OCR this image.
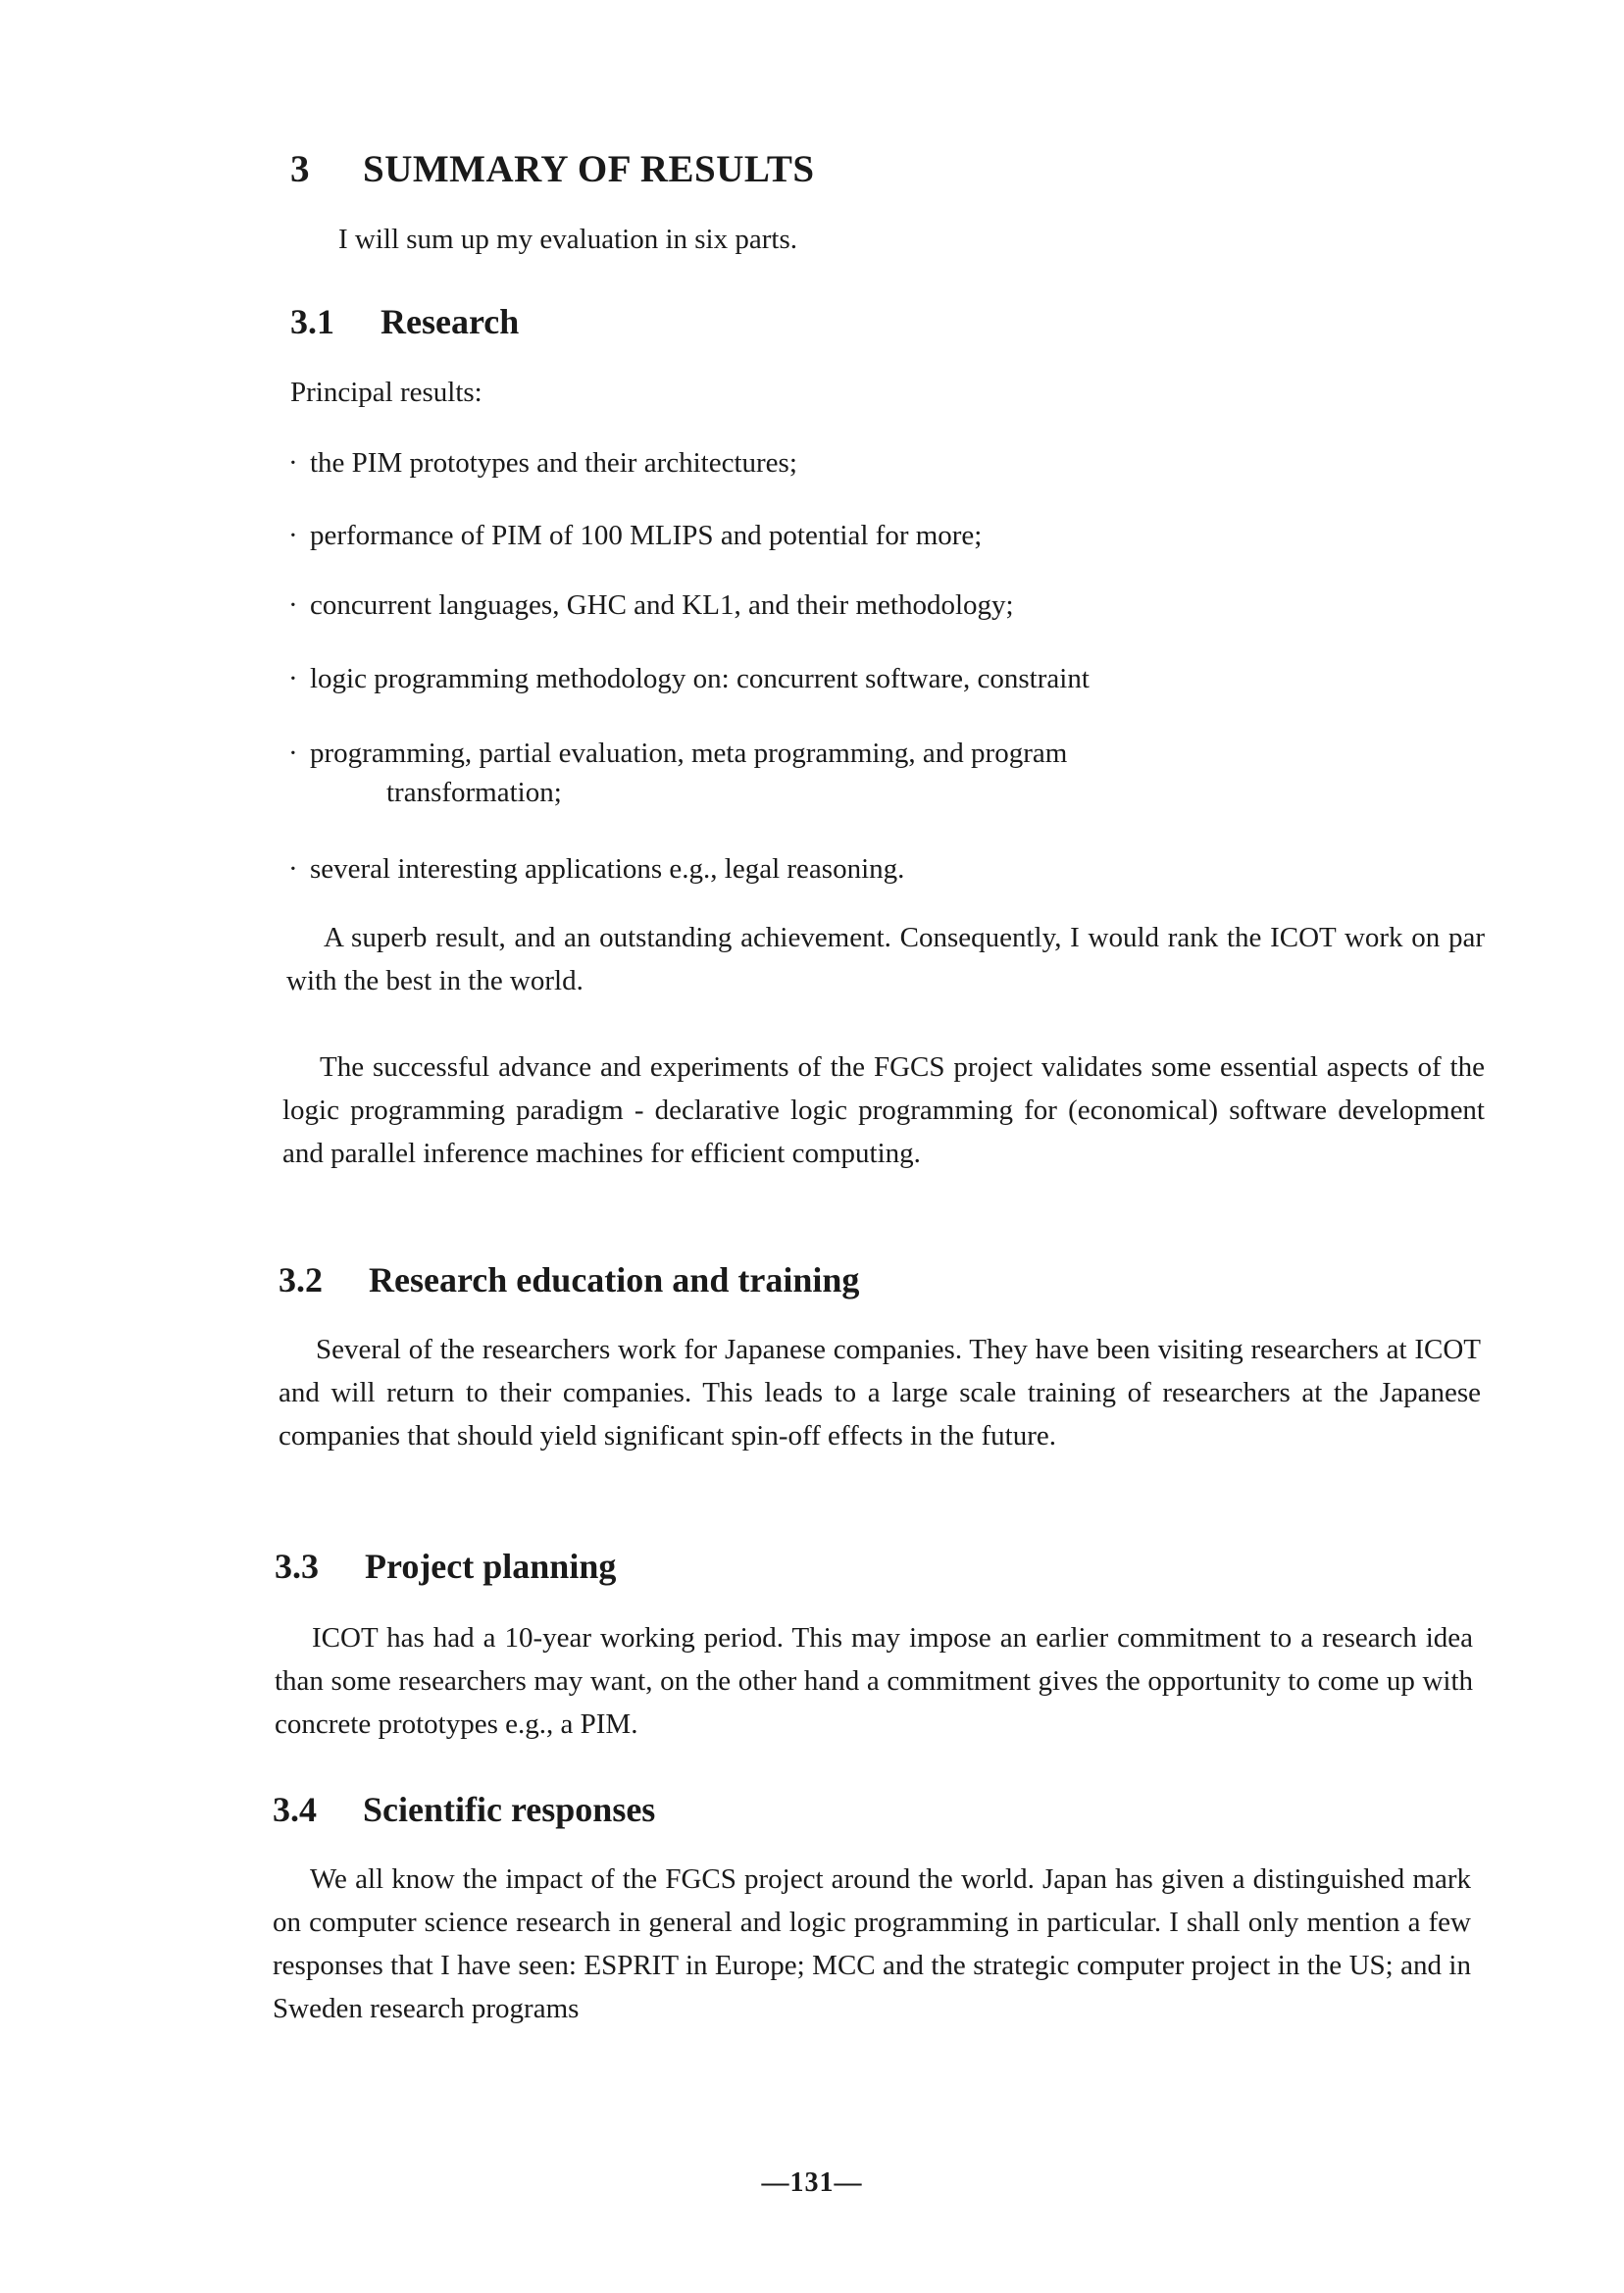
3 SUMMARY OF RESULTS

I will sum up my evaluation in six parts.

3.1 Research

Principal results:

· the PIM prototypes and their architectures;

· performance of PIM of 100 MLIPS and potential for more;

· concurrent languages, GHC and KL1, and their methodology;

· logic programming methodology on: concurrent software, constraint

· programming, partial evaluation, meta programming, and program
transformation;

· several interesting applications e.g., legal reasoning.

A superb result, and an outstanding achievement. Consequently, I would rank the ICOT work on par with the best in the world.

The successful advance and experiments of the FGCS project validates some essential aspects of the logic programming paradigm - declarative logic programming for (economical) software development and parallel inference machines for efficient computing.

3.2 Research education and training

Several of the researchers work for Japanese companies. They have been visiting researchers at ICOT and will return to their companies. This leads to a large scale training of researchers at the Japanese companies that should yield significant spin-off effects in the future.

3.3 Project planning

ICOT has had a 10-year working period. This may impose an earlier commitment to a research idea than some researchers may want, on the other hand a commitment gives the opportunity to come up with concrete prototypes e.g., a PIM.

3.4 Scientific responses

We all know the impact of the FGCS project around the world. Japan has given a distinguished mark on computer science research in general and logic programming in particular. I shall only mention a few responses that I have seen: ESPRIT in Europe; MCC and the strategic computer project in the US; and in Sweden research programs

—131—
